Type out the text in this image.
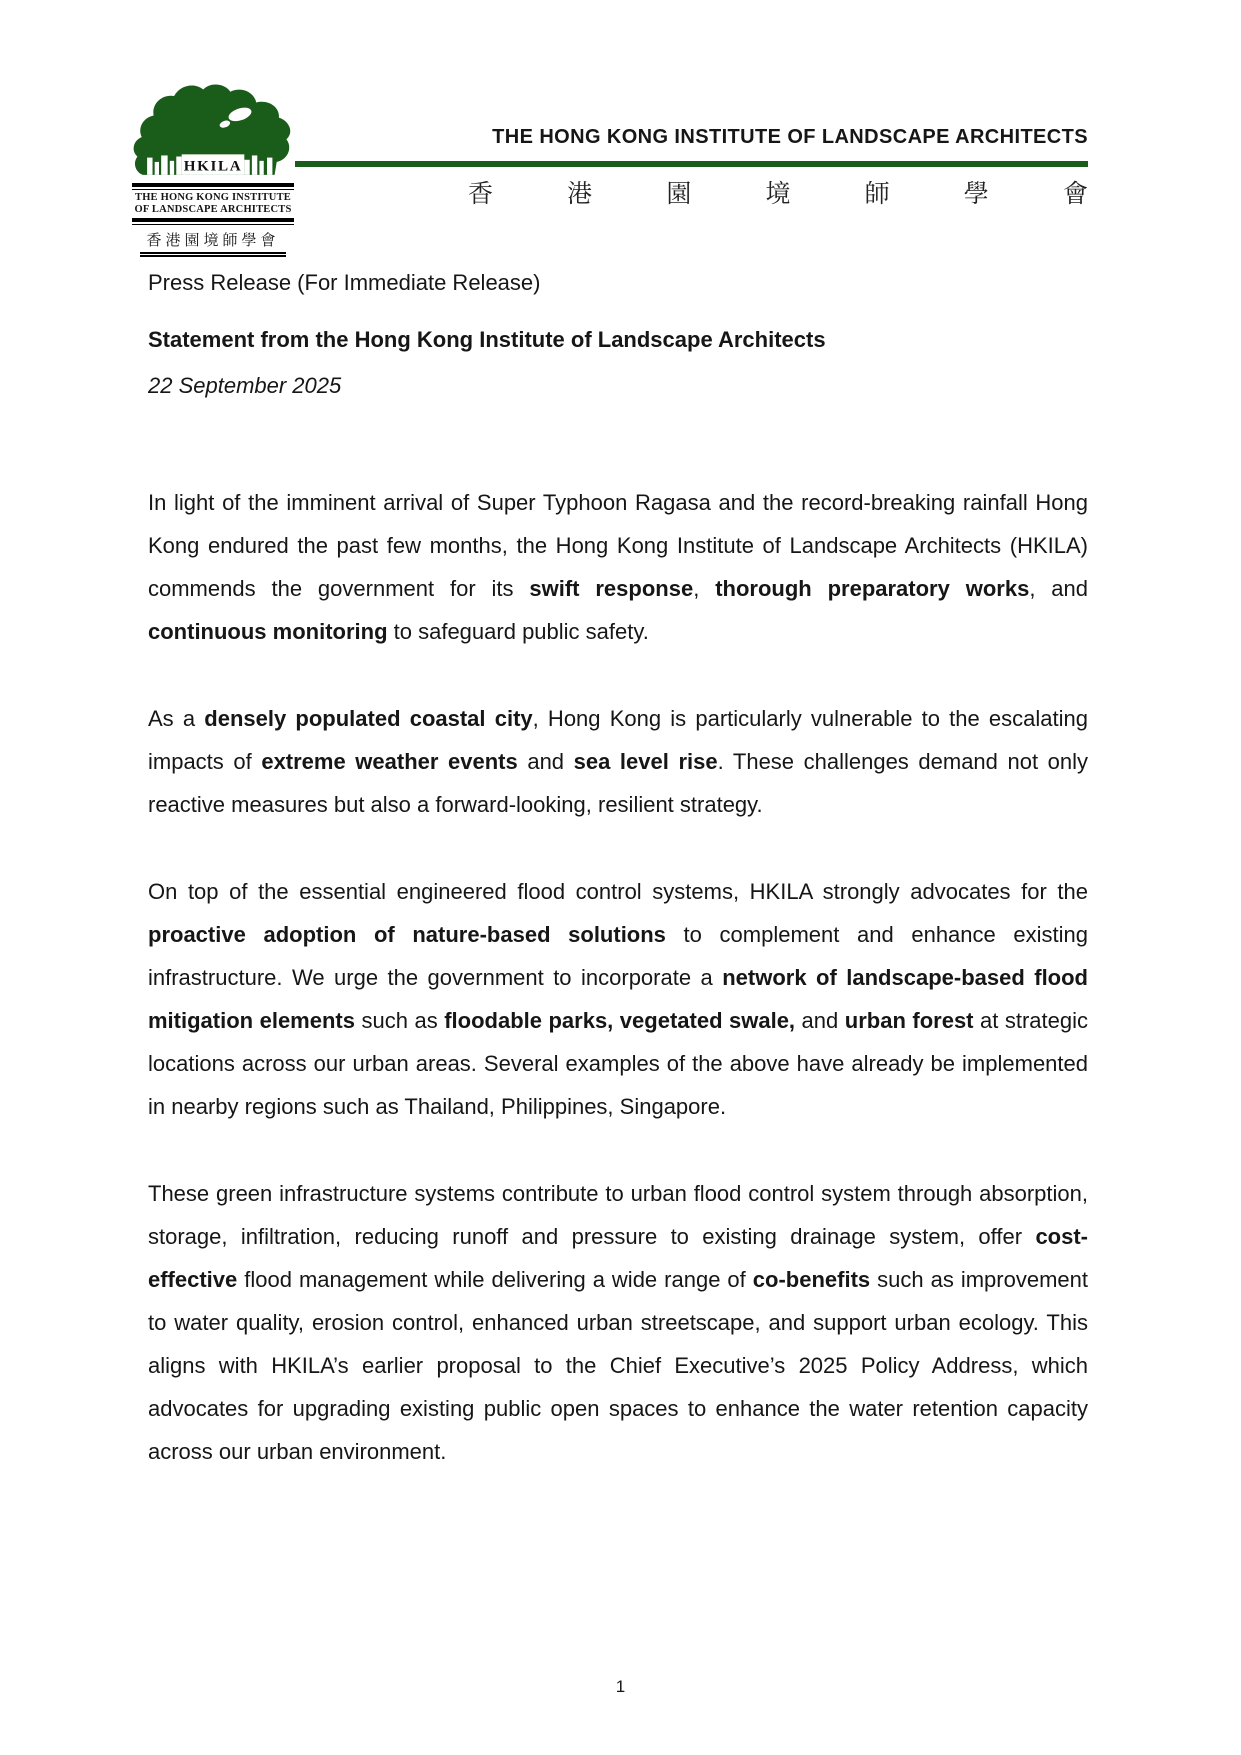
HKILA
THE HONG KONG INSTITUTE
OF LANDSCAPE ARCHITECTS
香港園境師學會
THE HONG KONG INSTITUTE OF LANDSCAPE ARCHITECTS
香	港	園	境	師	學	會

Press Release (For Immediate Release)

Statement from the Hong Kong Institute of Landscape Architects

22 September 2025

In light of the imminent arrival of Super Typhoon Ragasa and the record-breaking rainfall Hong Kong endured the past few months, the Hong Kong Institute of Landscape Architects (HKILA) commends the government for its swift response, thorough preparatory works, and continuous monitoring to safeguard public safety.

As a densely populated coastal city, Hong Kong is particularly vulnerable to the escalating impacts of extreme weather events and sea level rise. These challenges demand not only reactive measures but also a forward-looking, resilient strategy.

On top of the essential engineered flood control systems, HKILA strongly advocates for the proactive adoption of nature-based solutions to complement and enhance existing infrastructure. We urge the government to incorporate a network of landscape-based flood mitigation elements such as floodable parks, vegetated swale, and urban forest at strategic locations across our urban areas. Several examples of the above have already be implemented in nearby regions such as Thailand, Philippines, Singapore.

These green infrastructure systems contribute to urban flood control system through absorption, storage, infiltration, reducing runoff and pressure to existing drainage system, offer cost-effective flood management while delivering a wide range of co-benefits such as improvement to water quality, erosion control, enhanced urban streetscape, and support urban ecology. This aligns with HKILA’s earlier proposal to the Chief Executive’s 2025 Policy Address, which advocates for upgrading existing public open spaces to enhance the water retention capacity across our urban environment.

1
